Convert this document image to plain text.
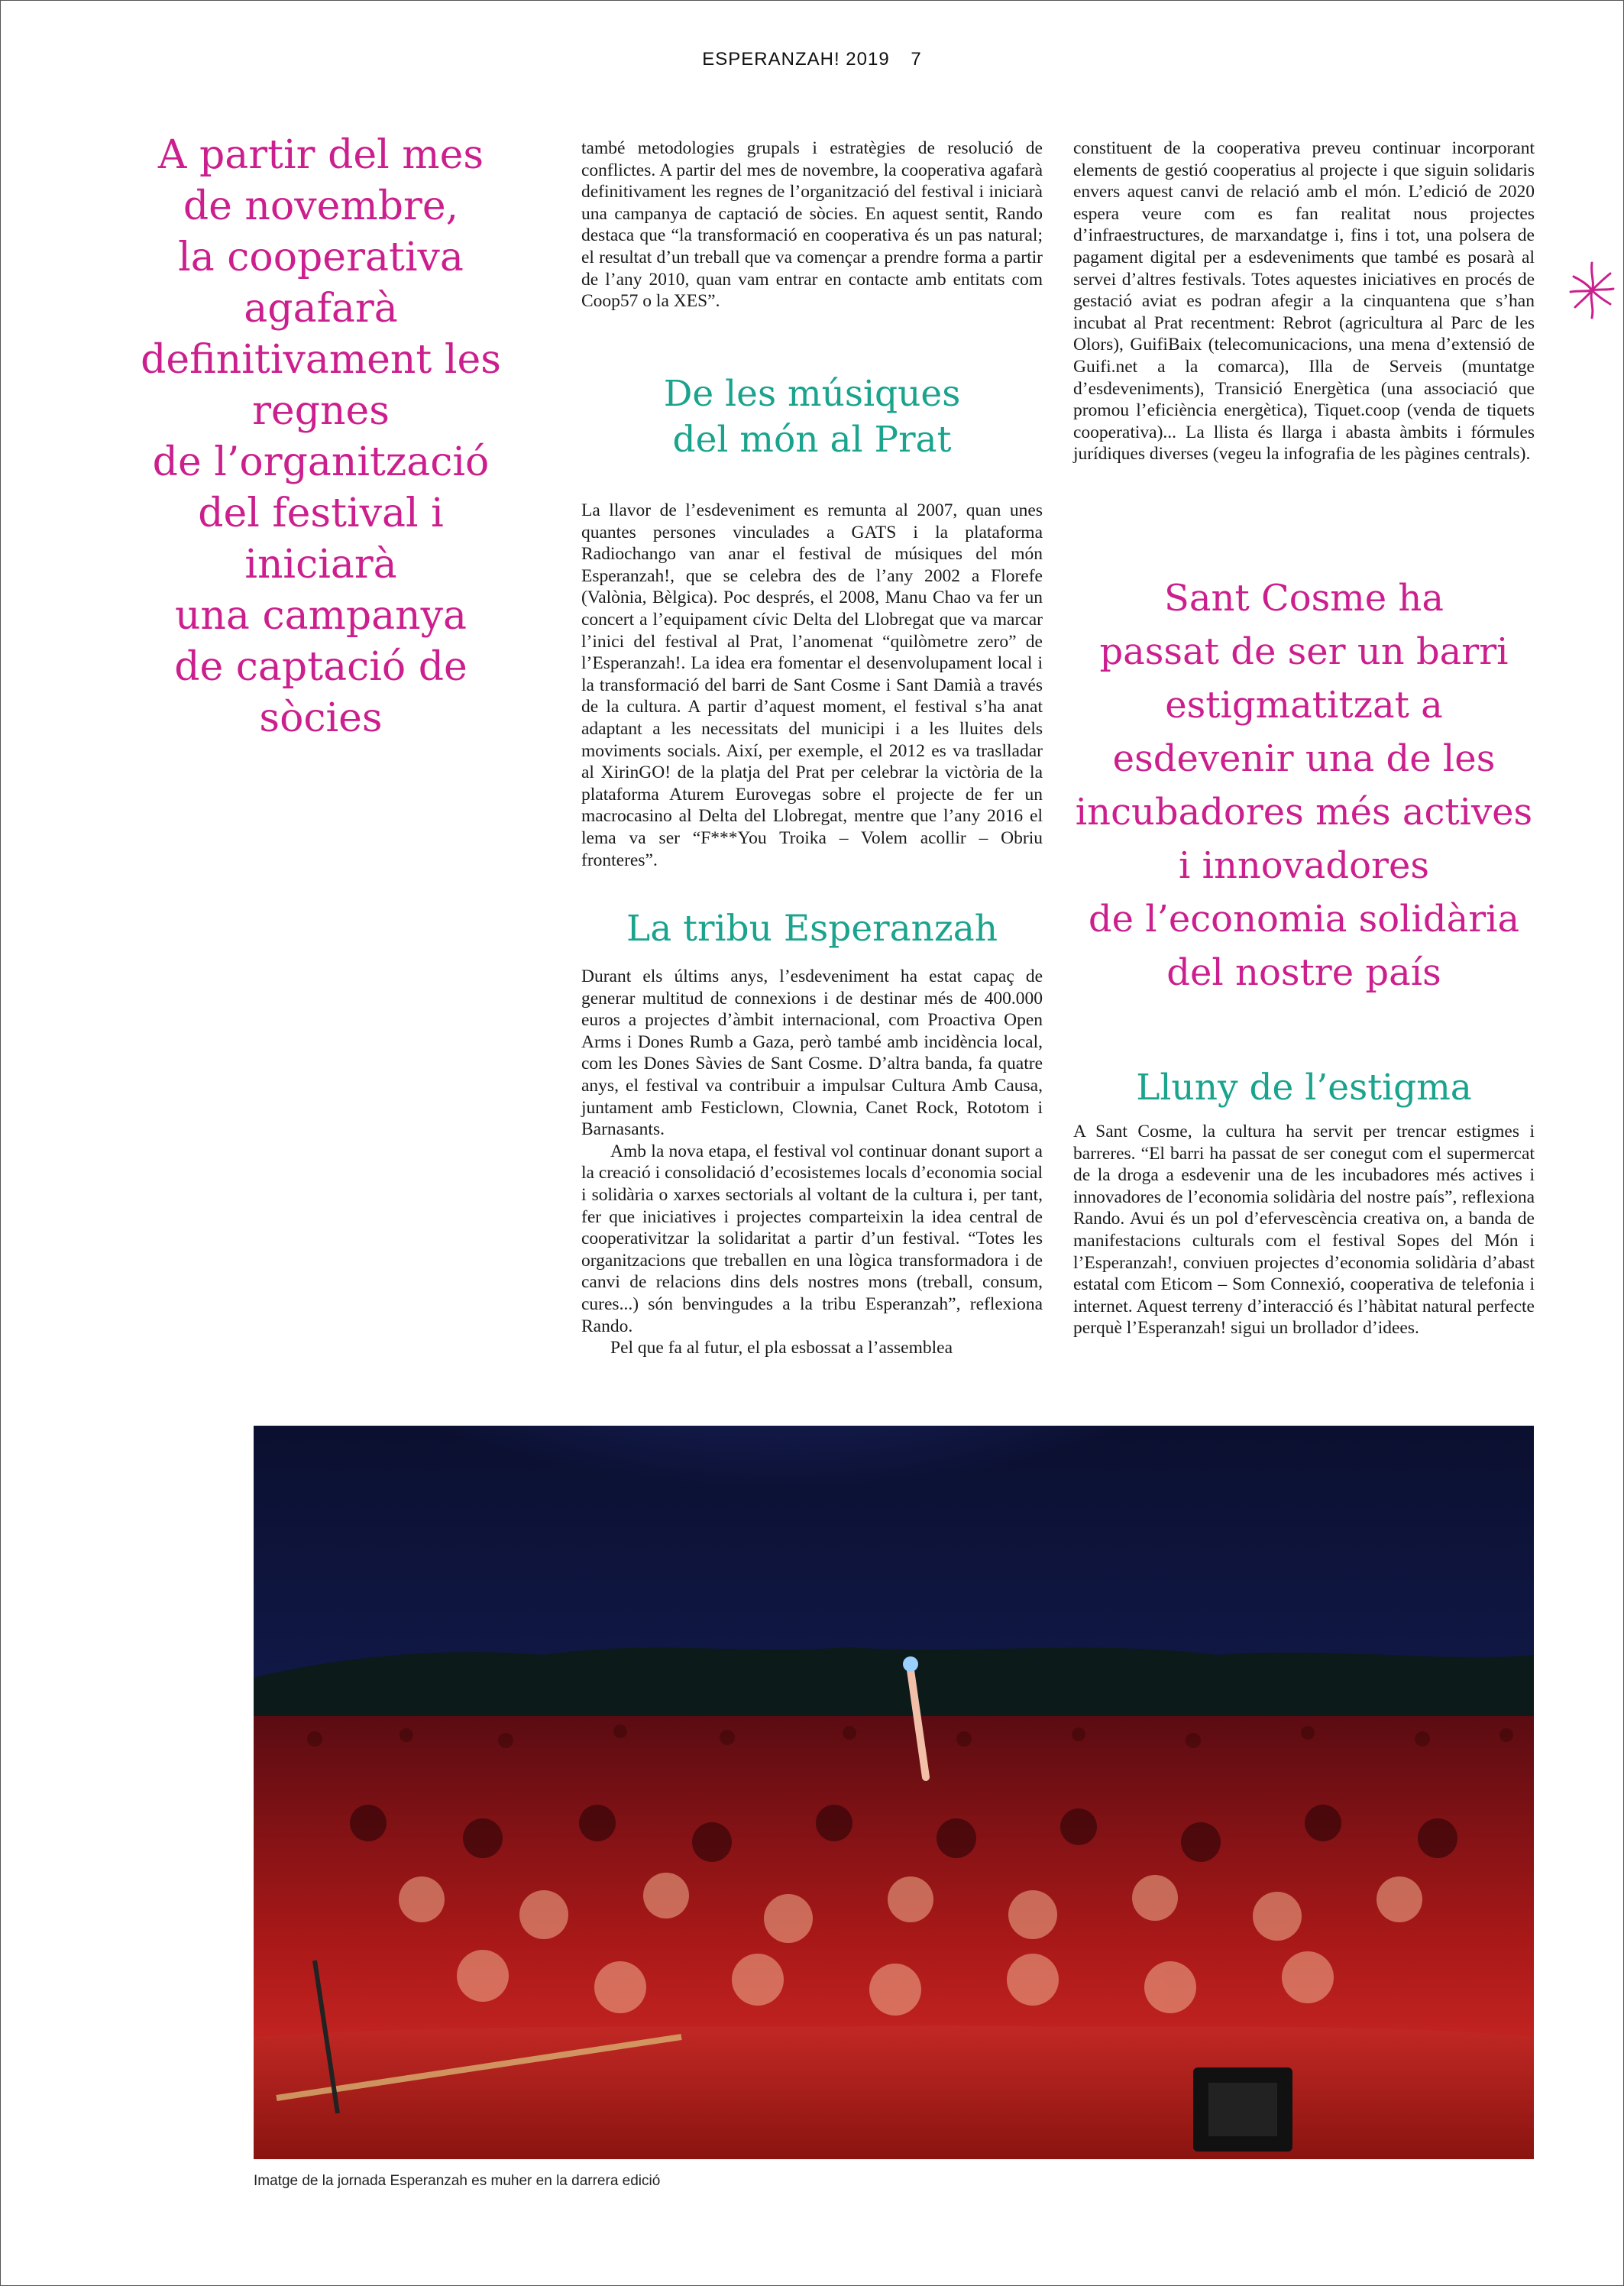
ESPERANZAH! 2019 7
A partir del mes
de novembre,
la cooperativa agafarà
definitivament les regnes
de l’organització
del festival i iniciarà
una campanya
de captació de sòcies

també metodologies grupals i estratègies de resolució de conflictes. A partir del mes de novembre, la cooperativa agafarà definitivament les regnes de l’organització del festival i iniciarà una campanya de captació de sòcies. En aquest sentit, Rando destaca que “la transformació en cooperativa és un pas natural; el resultat d’un treball que va començar a prendre forma a partir de l’any 2010, quan vam entrar en contacte amb entitats com Coop57 o la XES”.

De les músiques
del món al Prat

La llavor de l’esdeveniment es remunta al 2007, quan unes quantes persones vinculades a GATS i la plataforma Radiochango van anar el festival de músiques del món Esperanzah!, que se celebra des de l’any 2002 a Florefe (Valònia, Bèlgica). Poc després, el 2008, Manu Chao va fer un concert a l’equipament cívic Delta del Llobregat que va marcar l’inici del festival al Prat, l’anomenat “quilòmetre zero” de l’Esperanzah!. La idea era fomentar el desenvolupament local i la transformació del barri de Sant Cosme i Sant Damià a través de la cultura. A partir d’aquest moment, el festival s’ha anat adaptant a les necessitats del municipi i a les lluites dels moviments socials. Així, per exemple, el 2012 es va traslladar al XirinGO! de la platja del Prat per celebrar la victòria de la plataforma Aturem Eurovegas sobre el projecte de fer un macrocasino al Delta del Llobregat, mentre que l’any 2016 el lema va ser “F***You Troika – Volem acollir – Obriu fronteres”.

La tribu Esperanzah

Durant els últims anys, l’esdeveniment ha estat capaç de generar multitud de connexions i de destinar més de 400.000 euros a projectes d’àmbit internacional, com Proactiva Open Arms i Dones Rumb a Gaza, però també amb incidència local, com les Dones Sàvies de Sant Cosme. D’altra banda, fa quatre anys, el festival va contribuir a impulsar Cultura Amb Causa, juntament amb Festiclown, Clownia, Canet Rock, Rototom i Barnasants.

Amb la nova etapa, el festival vol continuar donant suport a la creació i consolidació d’ecosistemes locals d’economia social i solidària o xarxes sectorials al voltant de la cultura i, per tant, fer que iniciatives i projectes comparteixin la idea central de cooperativitzar la solidaritat a partir d’un festival. “Totes les organitzacions que treballen en una lògica transformadora i de canvi de relacions dins dels nostres mons (treball, consum, cures...) són benvingudes a la tribu Esperanzah”, reflexiona Rando.

Pel que fa al futur, el pla esbossat a l’assemblea

constituent de la cooperativa preveu continuar incorporant elements de gestió cooperatius al projecte i que siguin solidaris envers aquest canvi de relació amb el món. L’edició de 2020 espera veure com es fan realitat nous projectes d’infraestructures, de marxandatge i, fins i tot, una polsera de pagament digital per a esdeveniments que també es posarà al servei d’altres festivals. Totes aquestes iniciatives en procés de gestació aviat es podran afegir a la cinquantena que s’han incubat al Prat recentment: Rebrot (agricultura al Parc de les Olors), GuifiBaix (telecomunicacions, una mena d’extensió de Guifi.net a la comarca), Illa de Serveis (muntatge d’esdeveniments), Transició Energètica (una associació que promou l’eficiència energètica), Tiquet.coop (venda de tiquets cooperativa)... La llista és llarga i abasta àmbits i fórmules jurídiques diverses (vegeu la infografia de les pàgines centrals).

Sant Cosme ha
passat de ser un barri
estigmatitzat a
esdevenir una de les
incubadores més actives
i innovadores
de l’economia solidària
del nostre país
Lluny de l’estigma

A Sant Cosme, la cultura ha servit per trencar estigmes i barreres. “El barri ha passat de ser conegut com el supermercat de la droga a esdevenir una de les incubadores més actives i innovadores de l’economia solidària del nostre país”, reflexiona Rando. Avui és un pol d’efervescència creativa on, a banda de manifestacions culturals com el festival Sopes del Món i l’Esperanzah!, conviuen projectes d’economia solidària d’abast estatal com Eticom – Som Connexió, cooperativa de telefonia i internet. Aquest terreny d’interacció és l’hàbitat natural perfecte perquè l’Esperanzah! sigui un brollador d’idees.

Imatge de la jornada Esperanzah es muher en la darrera edició
